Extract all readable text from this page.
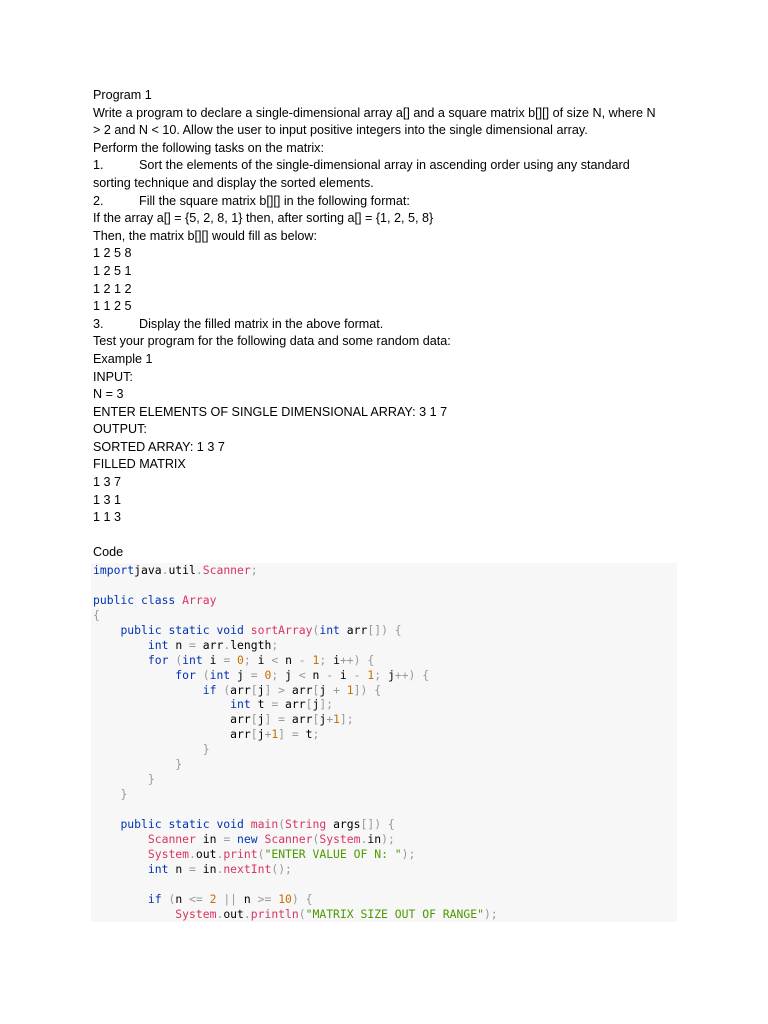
Program 1
Write a program to declare a single-dimensional array a[] and a square matrix b[][] of size N, where N
> 2 and N < 10. Allow the user to input positive integers into the single dimensional array.
Perform the following tasks on the matrix:
1.	Sort the elements of the single-dimensional array in ascending order using any standard
sorting technique and display the sorted elements.
2.	Fill the square matrix b[][] in the following format:
If the array a[] = {5, 2, 8, 1} then, after sorting a[] = {1, 2, 5, 8}
Then, the matrix b[][] would fill as below:
1 2 5 8
1 2 5 1
1 2 1 2
1 1 2 5
3.	Display the filled matrix in the above format.
Test your program for the following data and some random data:
Example 1
INPUT:
N = 3
ENTER ELEMENTS OF SINGLE DIMENSIONAL ARRAY: 3 1 7
OUTPUT:
SORTED ARRAY: 1 3 7
FILLED MATRIX
1 3 7
1 3 1
1 1 3
Code
importjava.util.Scanner;
public class Array
{
public static void sortArray(int arr[]) {
int n = arr.length;
for (int i = 0; i < n - 1; i++) {
for (int j = 0; j < n - i - 1; j++) {
if (arr[j] > arr[j + 1]) {
int t = arr[j];
arr[j] = arr[j+1];
arr[j+1] = t;
}
}
}
}
public static void main(String args[]) {
Scanner in = new Scanner(System.in);
System.out.print("ENTER VALUE OF N: ");
int n = in.nextInt();
if (n <= 2 || n >= 10) {
System.out.println("MATRIX SIZE OUT OF RANGE");
